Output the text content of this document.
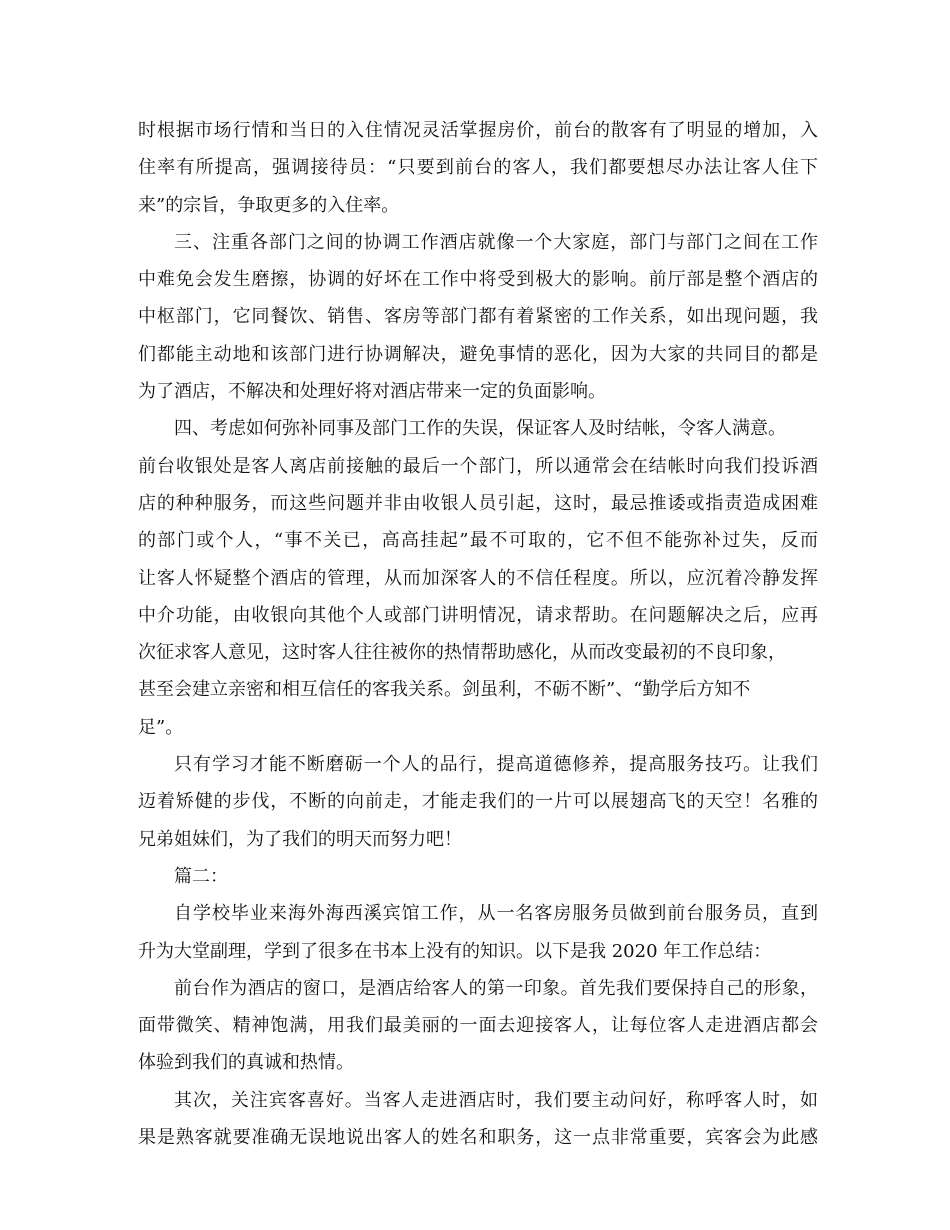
时根据市场行情和当日的入住情况灵活掌握房价，前台的散客有了明显的增加，入
住率有所提高，强调接待员：“只要到前台的客人，我们都要想尽办法让客人住下
来”的宗旨，争取更多的入住率。
三、注重各部门之间的协调工作酒店就像一个大家庭，部门与部门之间在工作
中难免会发生磨擦，协调的好坏在工作中将受到极大的影响。前厅部是整个酒店的
中枢部门，它同餐饮、销售、客房等部门都有着紧密的工作关系，如出现问题，我
们都能主动地和该部门进行协调解决，避免事情的恶化，因为大家的共同目的都是
为了酒店，不解决和处理好将对酒店带来一定的负面影响。
四、考虑如何弥补同事及部门工作的失误，保证客人及时结帐，令客人满意。
前台收银处是客人离店前接触的最后一个部门，所以通常会在结帐时向我们投诉酒
店的种种服务，而这些问题并非由收银人员引起，这时，最忌推诿或指责造成困难
的部门或个人，“事不关已，高高挂起”最不可取的，它不但不能弥补过失，反而
让客人怀疑整个酒店的管理，从而加深客人的不信任程度。所以，应沉着冷静发挥
中介功能，由收银向其他个人或部门讲明情况，请求帮助。在问题解决之后，应再
次征求客人意见，这时客人往往被你的热情帮助感化，从而改变最初的不良印象，
甚至会建立亲密和相互信任的客我关系。剑虽利，不砺不断”、“勤学后方知不
足”。
只有学习才能不断磨砺一个人的品行，提高道德修养，提高服务技巧。让我们
迈着矫健的步伐，不断的向前走，才能走我们的一片可以展翅高飞的天空！名雅的
兄弟姐妹们，为了我们的明天而努力吧！
篇二：
自学校毕业来海外海西溪宾馆工作，从一名客房服务员做到前台服务员，直到
升为大堂副理，学到了很多在书本上没有的知识。以下是我 2020 年工作总结：
前台作为酒店的窗口，是酒店给客人的第一印象。首先我们要保持自己的形象，
面带微笑、精神饱满，用我们最美丽的一面去迎接客人，让每位客人走进酒店都会
体验到我们的真诚和热情。
其次，关注宾客喜好。当客人走进酒店时，我们要主动问好，称呼客人时，如
果是熟客就要准确无误地说出客人的姓名和职务，这一点非常重要，宾客会为此感
